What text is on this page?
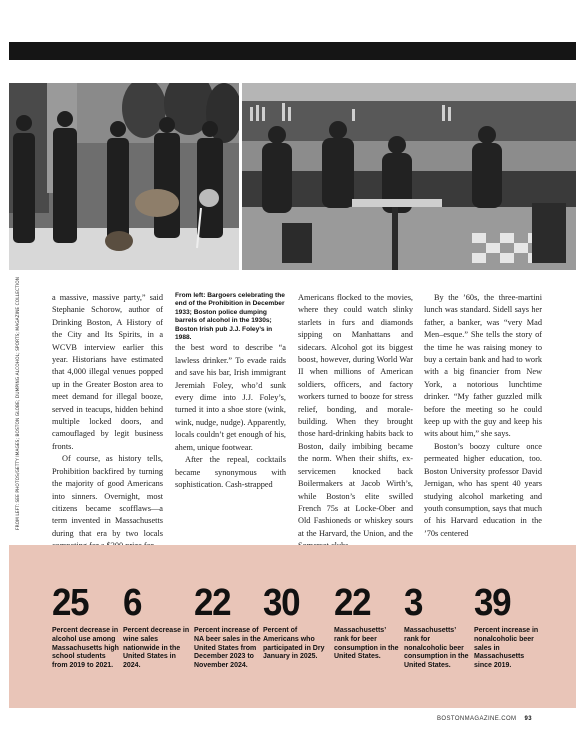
FROM LEFT: SEE PHOTOS/GETTY IMAGES; BOSTON GLOBE; DUMPING ALCOHOL; SPORTS; MAGAZINE COLLECTION	a massive, massive party,” said Stephanie Schorow, author of Drinking Boston, A History of the City and Its Spirits, in a WCVB interview earlier this year. Historians have estimated that 4,000 illegal venues popped up in the Greater Boston area to meet demand for illegal booze, served in teacups, hidden behind multiple locked doors, and camouflaged by legit business fronts.

Of course, as history tells, Prohibition backfired by turning the majority of good Americans into sinners. Overnight, most citizens became scofflaws—a term invented in Massachusetts during that era by two locals

From left: Bargoers celebrating the end of the Prohibition in December 1933; Boston police dumping barrels of alcohol in the 1930s; Boston Irish pub J.J. Foley’s in 1988.

the best word to describe “a lawless drinker.” To evade raids and save his bar, Irish immigrant Jeremiah Foley, who’d sunk every dime into J.J. Foley’s, turned it into a shoe store (wink, wink, nudge, nudge). Apparently, locals couldn’t get enough of his, ahem, unique footwear.

After the repeal, cocktails became synonymous with sophistication. Cash-strapped

Americans flocked to the movies, where they could watch slinky starlets in furs and diamonds sipping on Manhattans and sidecars. Alcohol got its biggest boost, however, during World War II when millions of American soldiers, officers, and factory workers turned to booze for stress relief, bonding, and morale-building. When they brought those hard-drinking habits back to Boston, daily imbibing became the norm. When their shifts, ex-servicemen knocked back Boilermakers at Jacob Wirth’s, while Boston’s elite swilled French 75s at Locke-Ober and Old Fashioneds or whiskey sours at the Harvard, the Union, and the

By the ’60s, the three-martini lunch was standard. Sidell says her father, a banker, was “very Mad Men–esque.” She tells the story of the time he was raising money to buy a certain bank and had to work with a big financier from New York, a notorious lunchtime drinker. “My father guzzled milk before the meeting so he could keep up with the guy and keep his wits about him,” she says.

Boston’s boozy culture once permeated higher education, too. Boston University professor David Jernigan, who has spent 40 years studying alcohol marketing and youth consumption, says that much of his Harvard education in the ’70s centered

25
Percent decrease in alcohol use among Massachusetts high school students from 2019 to 2021.
6
Percent decrease in wine sales nationwide in the United States in 2024.
22
Percent increase of NA beer sales in the United States from December 2023 to November 2024.
30
Percent of Americans who participated in Dry January in 2025.
22
Massachusetts’ rank for beer consumption in the United States.
3
Massachusetts’ rank for nonalcoholic beer consumption in the United States.
39
Percent increase in nonalcoholic beer sales in Massachusetts since 2019.
BOSTONMAGAZINE.COM 93
